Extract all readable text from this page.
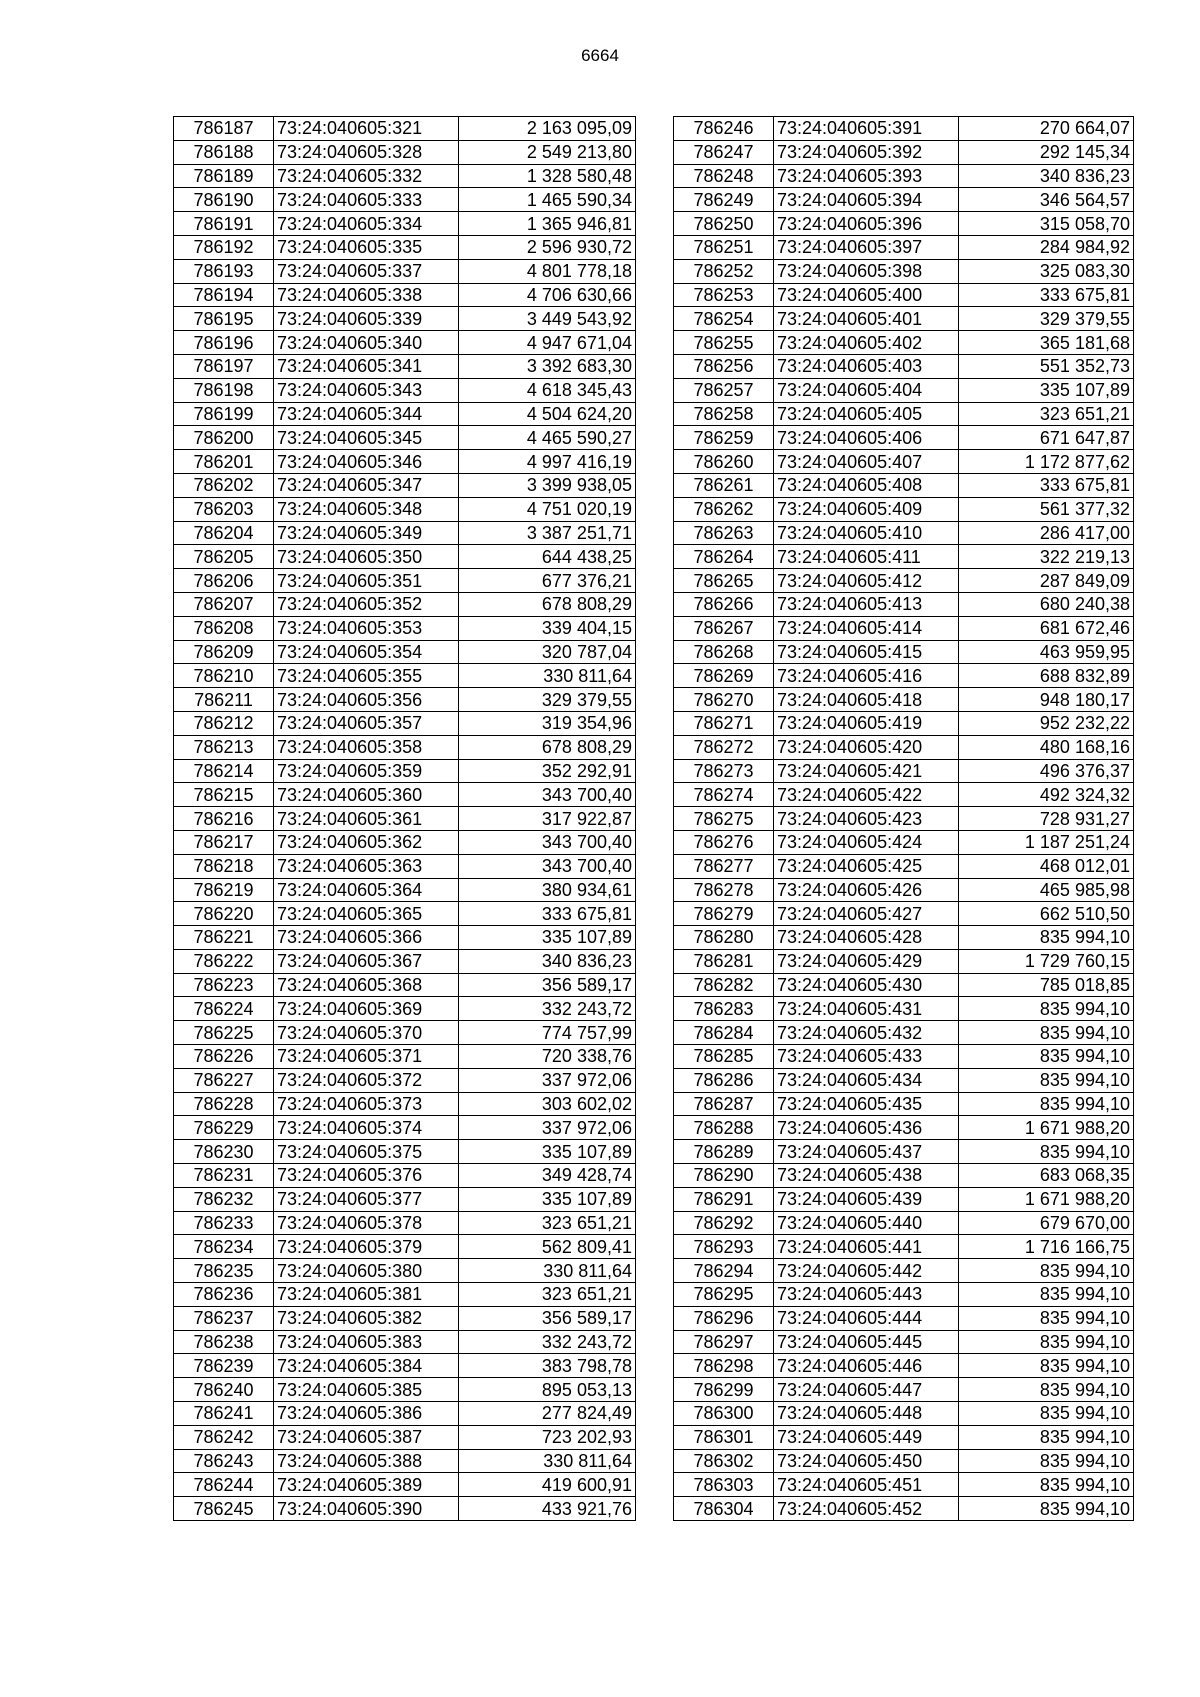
6664
786187	73:24:040605:321	2 163 095,09
786188	73:24:040605:328	2 549 213,80
786189	73:24:040605:332	1 328 580,48
786190	73:24:040605:333	1 465 590,34
786191	73:24:040605:334	1 365 946,81
786192	73:24:040605:335	2 596 930,72
786193	73:24:040605:337	4 801 778,18
786194	73:24:040605:338	4 706 630,66
786195	73:24:040605:339	3 449 543,92
786196	73:24:040605:340	4 947 671,04
786197	73:24:040605:341	3 392 683,30
786198	73:24:040605:343	4 618 345,43
786199	73:24:040605:344	4 504 624,20
786200	73:24:040605:345	4 465 590,27
786201	73:24:040605:346	4 997 416,19
786202	73:24:040605:347	3 399 938,05
786203	73:24:040605:348	4 751 020,19
786204	73:24:040605:349	3 387 251,71
786205	73:24:040605:350	644 438,25
786206	73:24:040605:351	677 376,21
786207	73:24:040605:352	678 808,29
786208	73:24:040605:353	339 404,15
786209	73:24:040605:354	320 787,04
786210	73:24:040605:355	330 811,64
786211	73:24:040605:356	329 379,55
786212	73:24:040605:357	319 354,96
786213	73:24:040605:358	678 808,29
786214	73:24:040605:359	352 292,91
786215	73:24:040605:360	343 700,40
786216	73:24:040605:361	317 922,87
786217	73:24:040605:362	343 700,40
786218	73:24:040605:363	343 700,40
786219	73:24:040605:364	380 934,61
786220	73:24:040605:365	333 675,81
786221	73:24:040605:366	335 107,89
786222	73:24:040605:367	340 836,23
786223	73:24:040605:368	356 589,17
786224	73:24:040605:369	332 243,72
786225	73:24:040605:370	774 757,99
786226	73:24:040605:371	720 338,76
786227	73:24:040605:372	337 972,06
786228	73:24:040605:373	303 602,02
786229	73:24:040605:374	337 972,06
786230	73:24:040605:375	335 107,89
786231	73:24:040605:376	349 428,74
786232	73:24:040605:377	335 107,89
786233	73:24:040605:378	323 651,21
786234	73:24:040605:379	562 809,41
786235	73:24:040605:380	330 811,64
786236	73:24:040605:381	323 651,21
786237	73:24:040605:382	356 589,17
786238	73:24:040605:383	332 243,72
786239	73:24:040605:384	383 798,78
786240	73:24:040605:385	895 053,13
786241	73:24:040605:386	277 824,49
786242	73:24:040605:387	723 202,93
786243	73:24:040605:388	330 811,64
786244	73:24:040605:389	419 600,91
786245	73:24:040605:390	433 921,76
786246	73:24:040605:391	270 664,07
786247	73:24:040605:392	292 145,34
786248	73:24:040605:393	340 836,23
786249	73:24:040605:394	346 564,57
786250	73:24:040605:396	315 058,70
786251	73:24:040605:397	284 984,92
786252	73:24:040605:398	325 083,30
786253	73:24:040605:400	333 675,81
786254	73:24:040605:401	329 379,55
786255	73:24:040605:402	365 181,68
786256	73:24:040605:403	551 352,73
786257	73:24:040605:404	335 107,89
786258	73:24:040605:405	323 651,21
786259	73:24:040605:406	671 647,87
786260	73:24:040605:407	1 172 877,62
786261	73:24:040605:408	333 675,81
786262	73:24:040605:409	561 377,32
786263	73:24:040605:410	286 417,00
786264	73:24:040605:411	322 219,13
786265	73:24:040605:412	287 849,09
786266	73:24:040605:413	680 240,38
786267	73:24:040605:414	681 672,46
786268	73:24:040605:415	463 959,95
786269	73:24:040605:416	688 832,89
786270	73:24:040605:418	948 180,17
786271	73:24:040605:419	952 232,22
786272	73:24:040605:420	480 168,16
786273	73:24:040605:421	496 376,37
786274	73:24:040605:422	492 324,32
786275	73:24:040605:423	728 931,27
786276	73:24:040605:424	1 187 251,24
786277	73:24:040605:425	468 012,01
786278	73:24:040605:426	465 985,98
786279	73:24:040605:427	662 510,50
786280	73:24:040605:428	835 994,10
786281	73:24:040605:429	1 729 760,15
786282	73:24:040605:430	785 018,85
786283	73:24:040605:431	835 994,10
786284	73:24:040605:432	835 994,10
786285	73:24:040605:433	835 994,10
786286	73:24:040605:434	835 994,10
786287	73:24:040605:435	835 994,10
786288	73:24:040605:436	1 671 988,20
786289	73:24:040605:437	835 994,10
786290	73:24:040605:438	683 068,35
786291	73:24:040605:439	1 671 988,20
786292	73:24:040605:440	679 670,00
786293	73:24:040605:441	1 716 166,75
786294	73:24:040605:442	835 994,10
786295	73:24:040605:443	835 994,10
786296	73:24:040605:444	835 994,10
786297	73:24:040605:445	835 994,10
786298	73:24:040605:446	835 994,10
786299	73:24:040605:447	835 994,10
786300	73:24:040605:448	835 994,10
786301	73:24:040605:449	835 994,10
786302	73:24:040605:450	835 994,10
786303	73:24:040605:451	835 994,10
786304	73:24:040605:452	835 994,10
